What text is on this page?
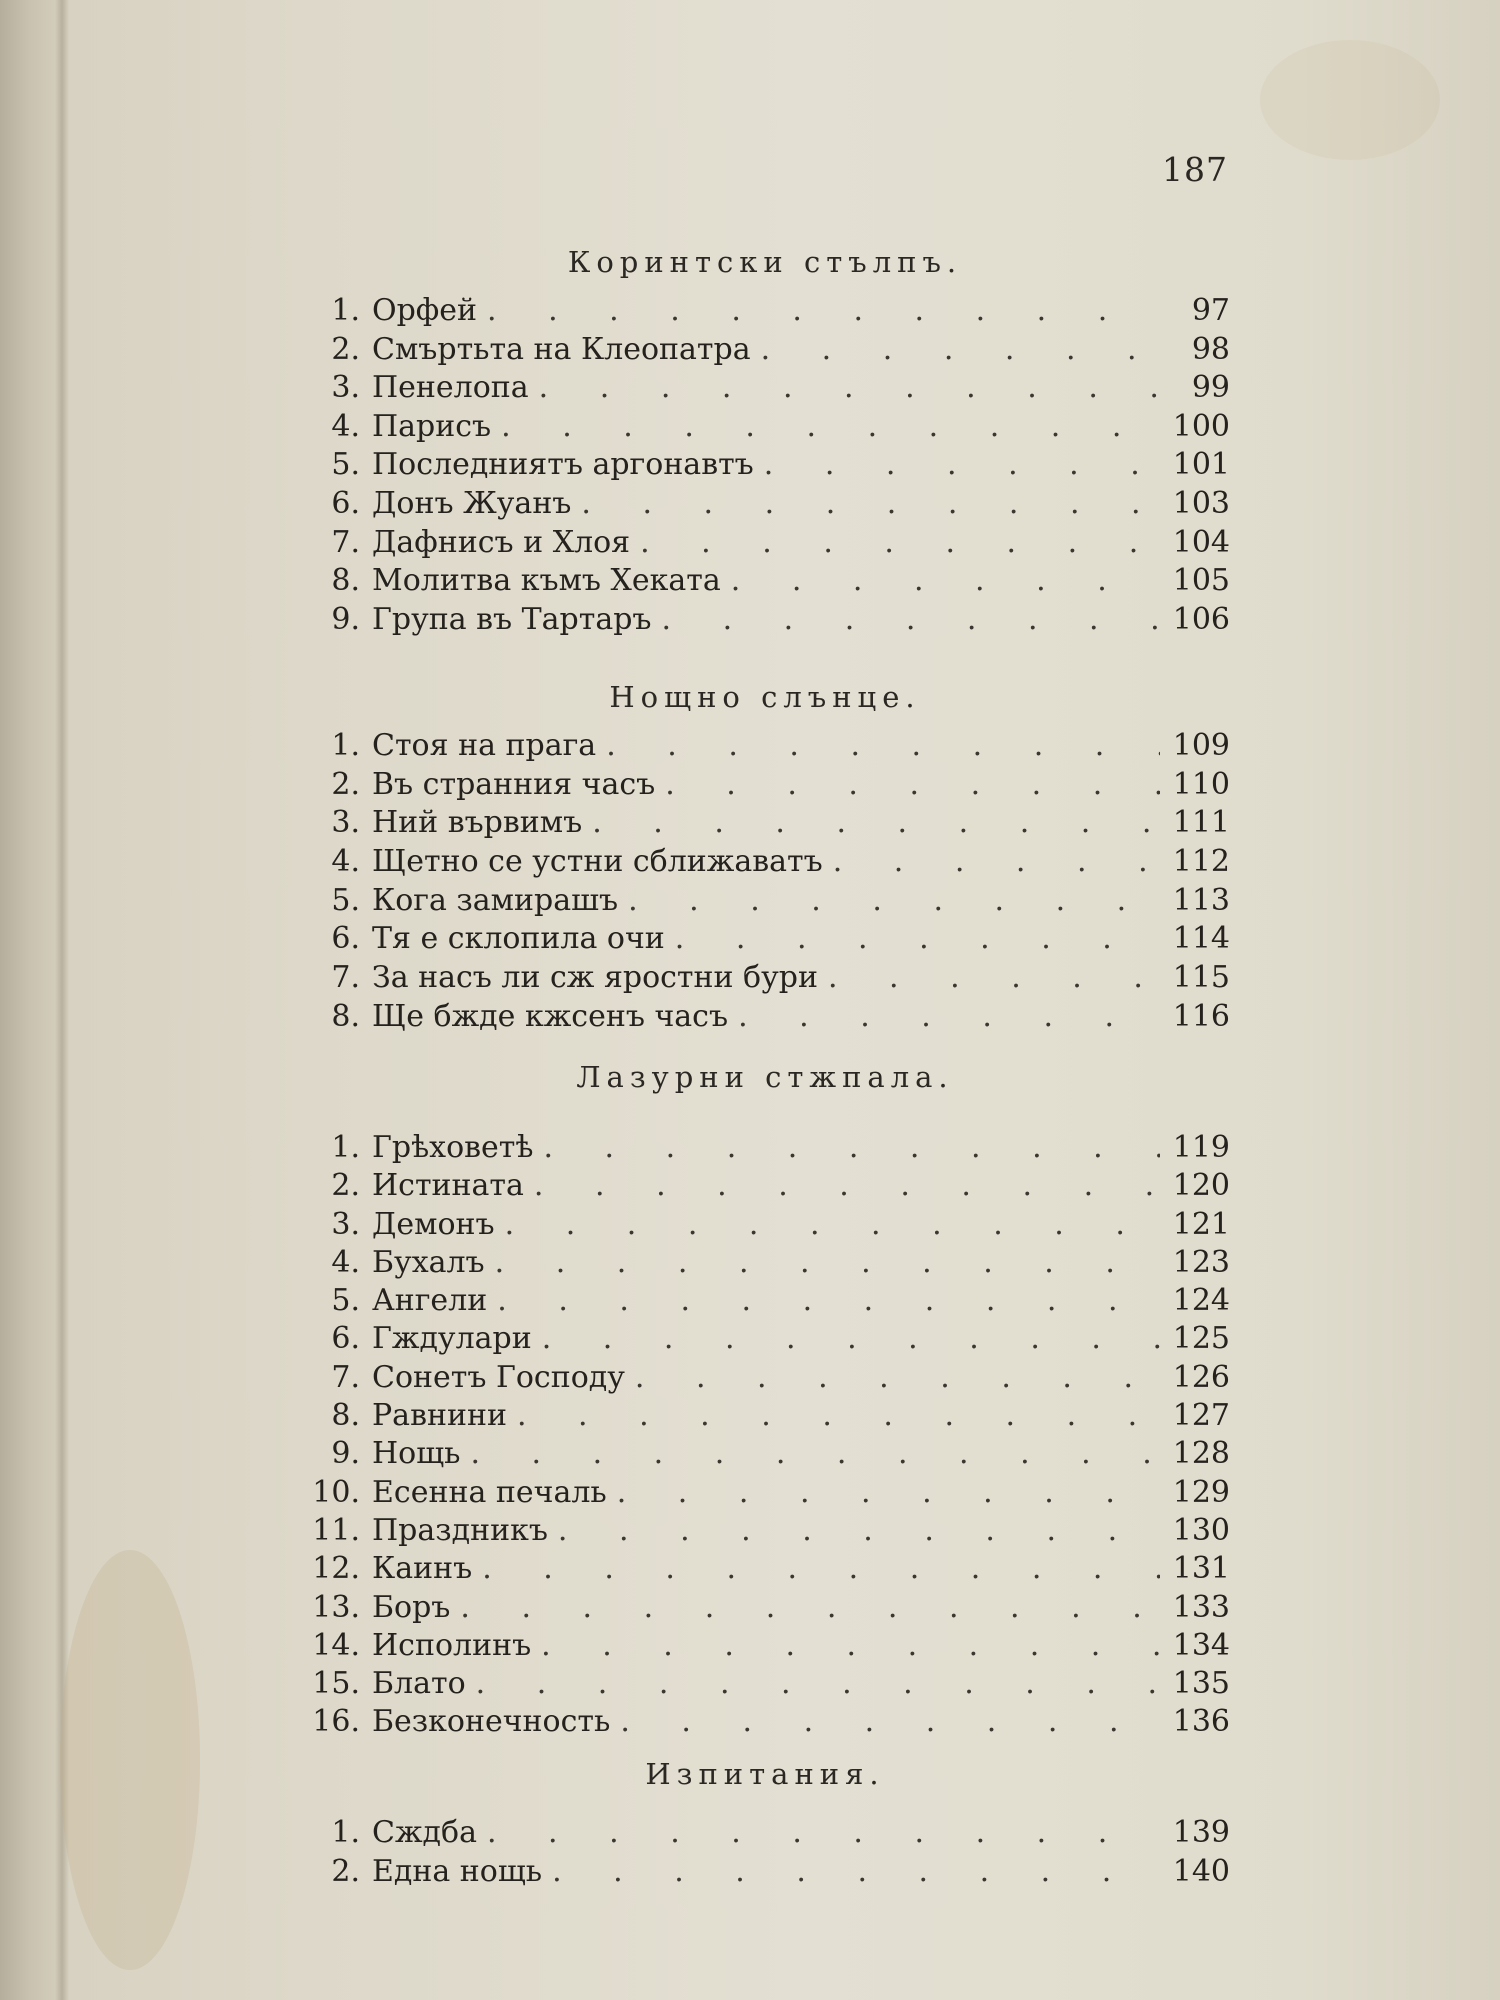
187
Коринтски стълпъ.
1. Орфей . . .	97
2. Смъртьта на Клеопатра . . .	98
3. Пенелопа . . .	99
4. Парисъ . . .	100
5. Последниятъ аргонавтъ . . .	101
6. Донъ Жуанъ . . .	103
7. Дафнисъ и Хлоя . . .	104
8. Молитва къмъ Хеката . . .	105
9. Група въ Тартаръ . . .	106
Нощно слънце.
1. Стоя на прага . . .	109
2. Въ странния часъ . . .	110
3. Ний вървимъ . . .	111
4. Щетно се устни сближаватъ . . .	112
5. Кога замирашъ . . .	113
6. Тя е склопила очи . . .	114
7. За насъ ли сж яростни бури . . .	115
8. Ще бжде кжсенъ часъ . . .	116
Лазурни стжпала.
1. Грѣховетѣ . . .	119
2. Истината . . .	120
3. Демонъ . . .	121
4. Бухалъ . . .	123
5. Ангели . . .	124
6. Гждулари . . .	125
7. Сонетъ Господу . . .	126
8. Равнини . . .	127
9. Нощь . . .	128
10. Есенна печаль . . .	129
11. Праздникъ . . .	130
12. Каинъ . . .	131
13. Боръ . . .	133
14. Исполинъ . . .	134
15. Блато . . .	135
16. Безконечность . . .	136
Изпитания.
1. Сждба . . .	139
2. Една нощь . . .	140
